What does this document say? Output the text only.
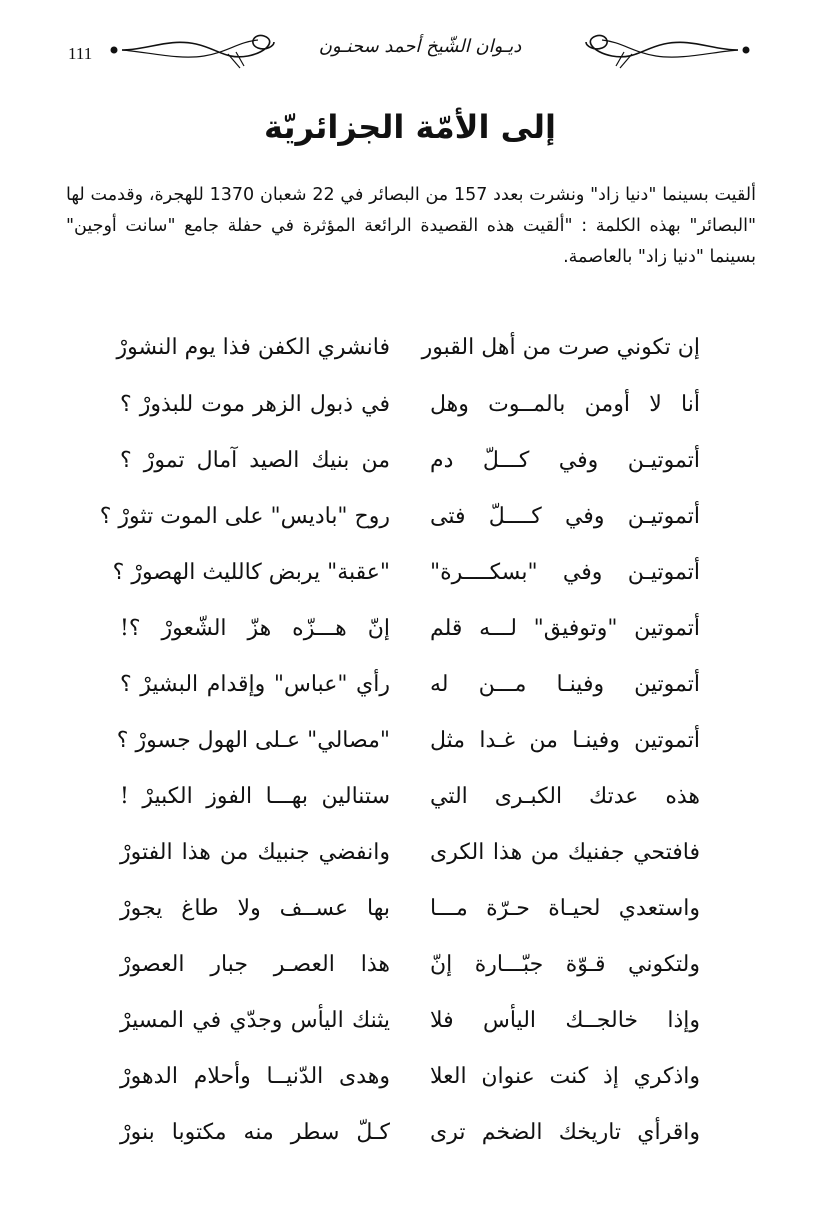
111	ديـوان الشّيخ أحمد سحنـون
إلى الأمّة الجزائريّة
ألقيت بسينما "دنيا زاد" ونشرت بعدد 157 من البصائر في 22 شعبان 1370 للهجرة، وقدمت لها "البصائر" بهذه الكلمة : "ألقيت هذه القصيدة الرائعة المؤثرة في حفلة جامع "سانت أوجين" بسينما "دنيا زاد" بالعاصمة.
إن تكوني صرت من أهل القبور
فانشري الكفن فذا يوم النشورْ
أنا لا أومن بالمــوت وهل
في ذبول الزهر موت للبذورْ ؟
أتموتيـن وفي كـــلّ دم
من بنيك الصيد آمال تمورْ ؟
أتموتيـن وفي كــــلّ فتى
روح "باديس" على الموت تثورْ ؟
أتموتيـن وفي "بسكــــرة"
"عقبة" يربض كالليث الهصورْ ؟
أتموتين "وتوفيق" لـــه قلم
إنّ هـــزّه هزّ الشّعورْ ؟!
أتموتين وفينـا مـــن له
رأي "عباس" وإقدام البشيرْ ؟
أتموتين وفينـا من غـدا مثل
"مصالي" عـلى الهول جسورْ ؟
هذه عدتك الكبـرى التي
ستنالين بهـــا الفوز الكبيرْ !
فافتحي جفنيك من هذا الكرى
وانفضي جنبيك من هذا الفتورْ
واستعدي لحيـاة حـرّة مـــا
بها عســف ولا طاغ يجورْ
ولتكوني قـوّة جبّـــارة إنّ
هذا العصـر جبار العصورْ
وإذا خالجــك اليأس فلا
يثنك اليأس وجدّي في المسيرْ
واذكري إذ كنت عنوان العلا
وهدى الدّنيــا وأحلام الدهورْ
واقرأي تاريخك الضخم ترى
كـلّ سطر منه مكتوبا بنورْ
